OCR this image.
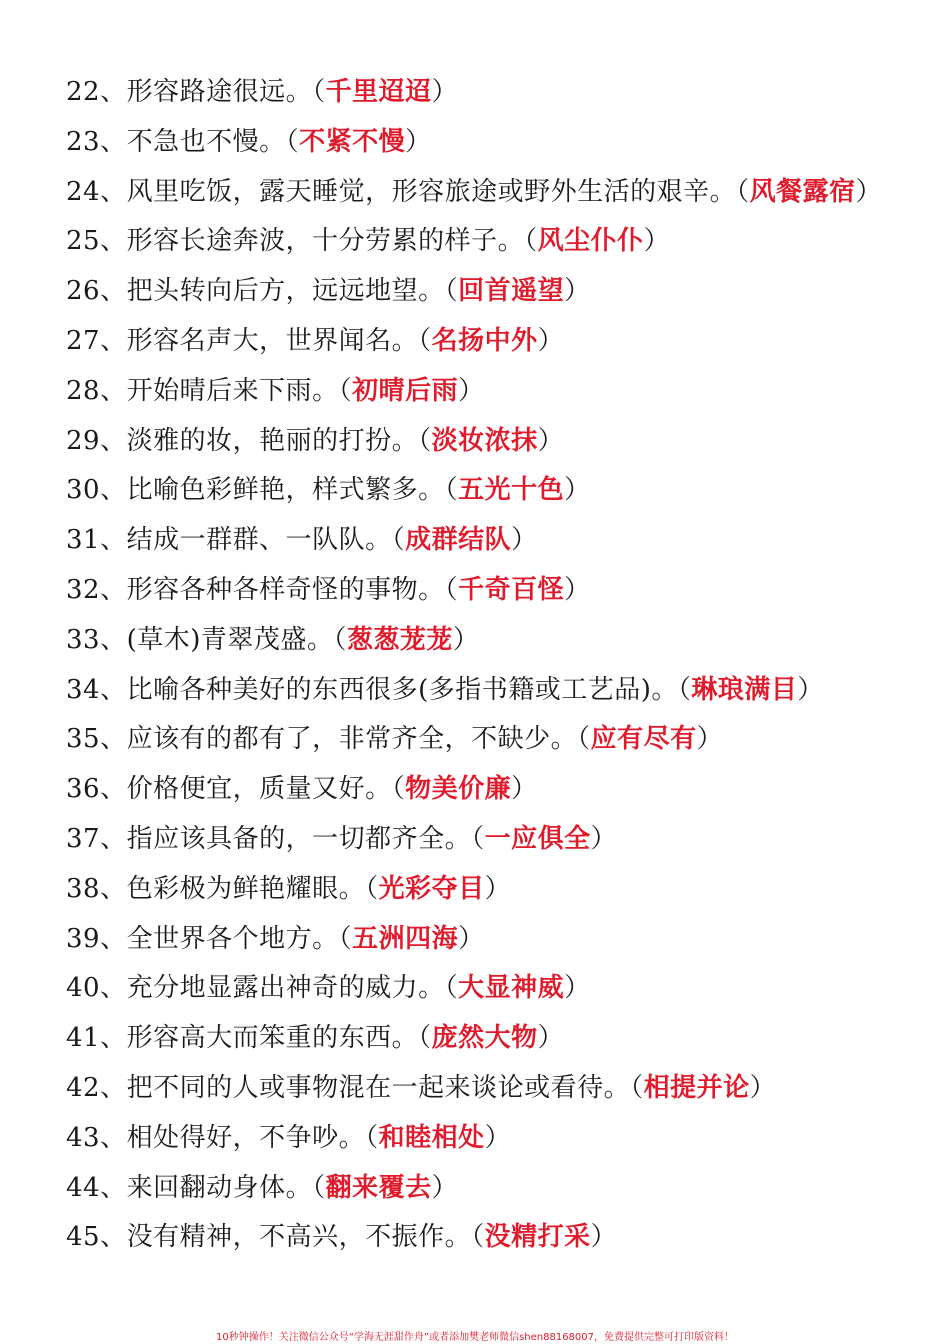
22、形容路途很远。（千里迢迢）
23、不急也不慢。（不紧不慢）
24、风里吃饭，露天睡觉，形容旅途或野外生活的艰辛。（风餐露宿）
25、形容长途奔波，十分劳累的样子。（风尘仆仆）
26、把头转向后方，远远地望。（回首遥望）
27、形容名声大，世界闻名。（名扬中外）
28、开始晴后来下雨。（初晴后雨）
29、淡雅的妆，艳丽的打扮。（淡妆浓抹）
30、比喻色彩鲜艳，样式繁多。（五光十色）
31、结成一群群、一队队。（成群结队）
32、形容各种各样奇怪的事物。（千奇百怪）
33、(草木)青翠茂盛。（葱葱茏茏）
34、比喻各种美好的东西很多(多指书籍或工艺品)。（琳琅满目）
35、应该有的都有了，非常齐全，不缺少。（应有尽有）
36、价格便宜，质量又好。（物美价廉）
37、指应该具备的，一切都齐全。（一应俱全）
38、色彩极为鲜艳耀眼。（光彩夺目）
39、全世界各个地方。（五洲四海）
40、充分地显露出神奇的威力。（大显神威）
41、形容高大而笨重的东西。（庞然大物）
42、把不同的人或事物混在一起来谈论或看待。（相提并论）
43、相处得好，不争吵。（和睦相处）
44、来回翻动身体。（翻来覆去）
45、没有精神，不高兴，不振作。（没精打采）
10秒钟操作！关注微信公众号“学海无涯甜作舟”或者添加樊老师微信shen88168007，免费提供完整可打印版资料！
